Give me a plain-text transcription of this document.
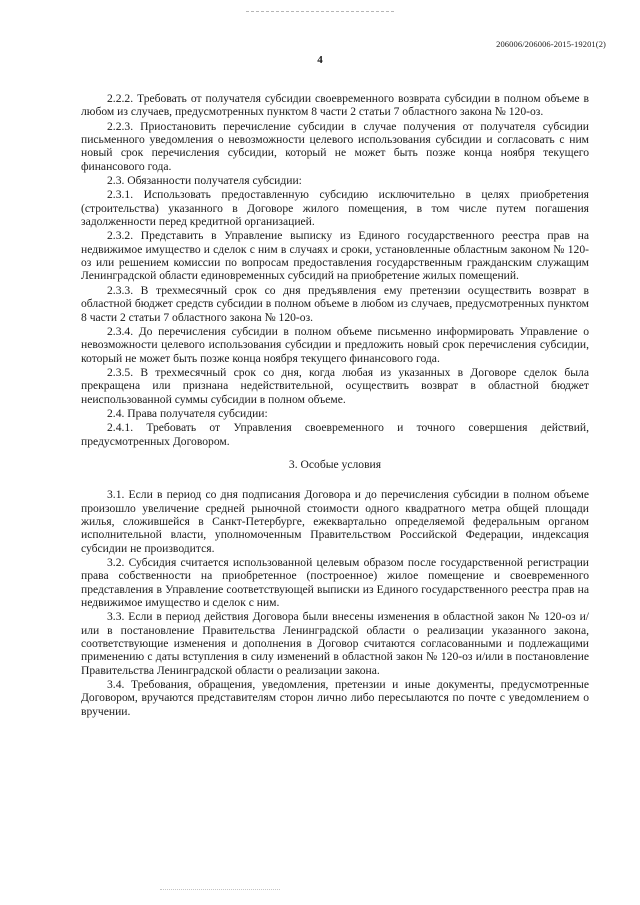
206006/206006-2015-19201(2)
4

2.2.2. Требовать от получателя субсидии своевременного возврата субсидии в полном объеме в любом из случаев, предусмотренных пунктом 8 части 2 статьи 7 областного закона № 120-оз.

2.2.3. Приостановить перечисление субсидии в случае получения от получателя субсидии письменного уведомления о невозможности целевого использования субсидии и согласовать с ним новый срок перечисления субсидии, который не может быть позже конца ноября текущего финансового года.

2.3. Обязанности получателя субсидии:

2.3.1. Использовать предоставленную субсидию исключительно в целях приобретения (строительства) указанного в Договоре жилого помещения, в том числе путем погашения задолженности перед кредитной организацией.

2.3.2. Представить в Управление выписку из Единого государственного реестра прав на недвижимое имущество и сделок с ним в случаях и сроки, установленные областным законом № 120-оз или решением комиссии по вопросам предоставления государственным гражданским служащим Ленинградской области единовременных субсидий на приобретение жилых помещений.

2.3.3. В трехмесячный срок со дня предъявления ему претензии осуществить возврат в областной бюджет средств субсидии в полном объеме в любом из случаев, предусмотренных пунктом 8 части 2 статьи 7 областного закона № 120-оз.

2.3.4. До перечисления субсидии в полном объеме письменно информировать Управление о невозможности целевого использования субсидии и предложить новый срок перечисления субсидии, который не может быть позже конца ноября текущего финансового года.

2.3.5. В трехмесячный срок со дня, когда любая из указанных в Договоре сделок была прекращена или признана недействительной, осуществить возврат в областной бюджет неиспользованной суммы субсидии в полном объеме.

2.4. Права получателя субсидии:

2.4.1. Требовать от Управления своевременного и точного совершения действий, предусмотренных Договором.

3. Особые условия

3.1. Если в период со дня подписания Договора и до перечисления субсидии в полном объеме произошло увеличение средней рыночной стоимости одного квадратного метра общей площади жилья, сложившейся в Санкт-Петербурге, ежеквартально определяемой федеральным органом исполнительной власти, уполномоченным Правительством Российской Федерации, индексация субсидии не производится.

3.2. Субсидия считается использованной целевым образом после государственной регистрации права собственности на приобретенное (построенное) жилое помещение и своевременного представления в Управление соответствующей выписки из Единого государственного реестра прав на недвижимое имущество и сделок с ним.

3.3. Если в период действия Договора были внесены изменения в областной закон № 120-оз и/или в постановление Правительства Ленинградской области о реализации указанного закона, соответствующие изменения и дополнения в Договор считаются согласованными и подлежащими применению с даты вступления в силу изменений в областной закон № 120-оз и/или в постановление Правительства Ленинградской области о реализации закона.

3.4. Требования, обращения, уведомления, претензии и иные документы, предусмотренные Договором, вручаются представителям сторон лично либо пересылаются по почте с уведомлением о вручении.
